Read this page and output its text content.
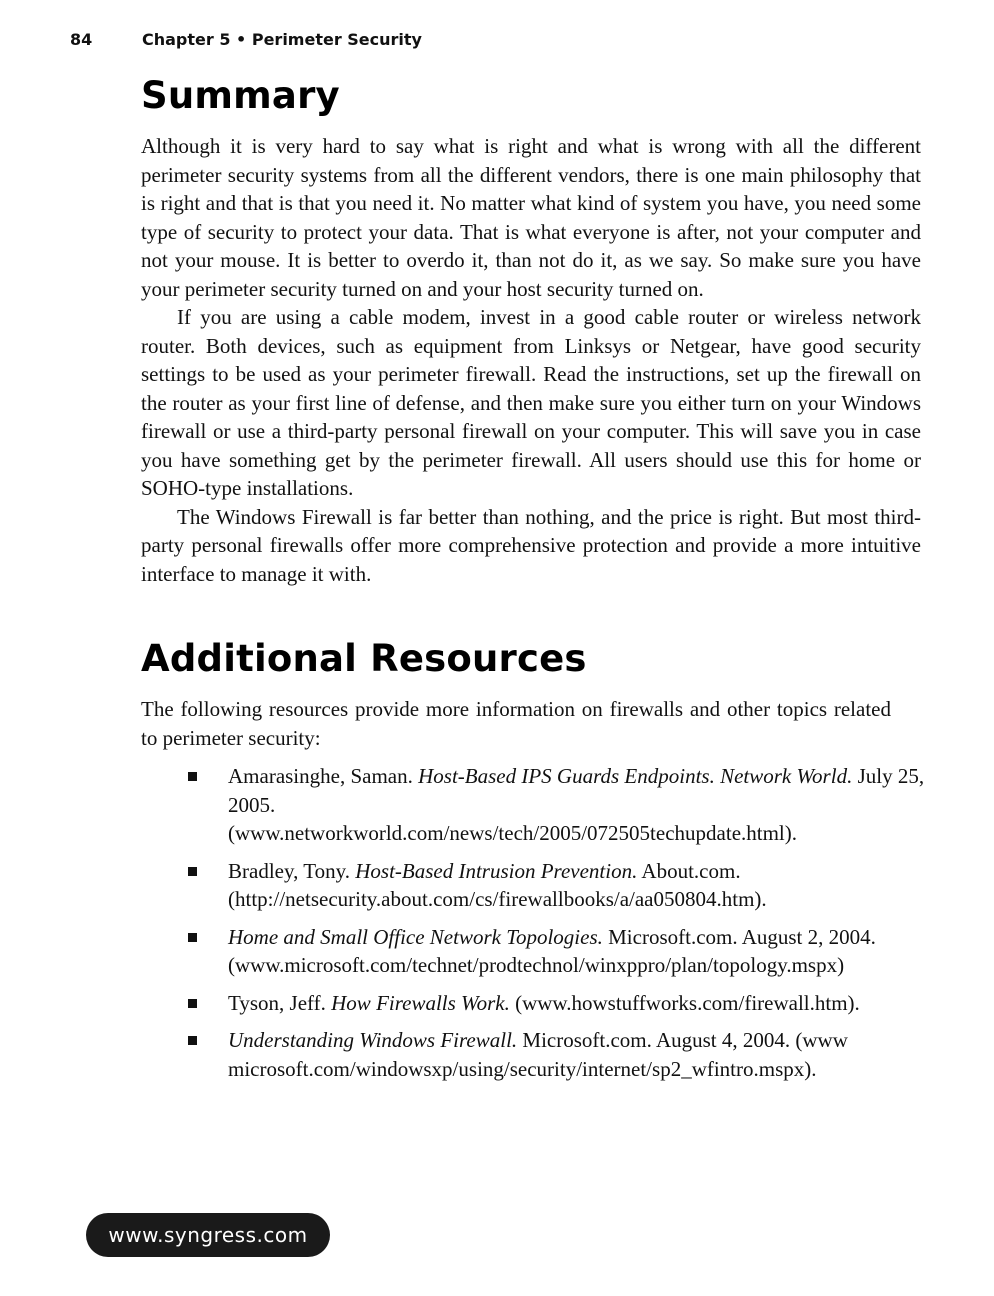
84	Chapter 5 • Perimeter Security
Summary

Although it is very hard to say what is right and what is wrong with all the different perimeter security systems from all the different vendors, there is one main philosophy that is right and that is that you need it. No matter what kind of system you have, you need some type of security to protect your data. That is what everyone is after, not your computer and not your mouse. It is better to overdo it, than not do it, as we say. So make sure you have your perimeter security turned on and your host security turned on.

If you are using a cable modem, invest in a good cable router or wireless network router. Both devices, such as equipment from Linksys or Netgear, have good security settings to be used as your perimeter firewall. Read the instructions, set up the firewall on the router as your first line of defense, and then make sure you either turn on your Windows firewall or use a third-party personal firewall on your computer. This will save you in case you have something get by the perimeter firewall. All users should use this for home or SOHO-type installations.

The Windows Firewall is far better than nothing, and the price is right. But most third-party personal firewalls offer more comprehensive protection and provide a more intuitive interface to manage it with.

Additional Resources

The following resources provide more information on firewalls and other topics related to perimeter security:

Amarasinghe, Saman. Host-Based IPS Guards Endpoints. Network World. July 25, 2005.
(www.networkworld.com/news/tech/2005/072505techupdate.html).
Bradley, Tony. Host-Based Intrusion Prevention. About.com. (http://netsecurity.about.com/cs/firewallbooks/a/aa050804.htm).
Home and Small Office Network Topologies. Microsoft.com. August 2, 2004.
(www.microsoft.com/technet/prodtechnol/winxppro/plan/topology.mspx)
Tyson, Jeff. How Firewalls Work. (www.howstuffworks.com/firewall.htm).
Understanding Windows Firewall. Microsoft.com. August 4, 2004. (www microsoft.com/windowsxp/using/security/internet/sp2_wfintro.mspx).
www.syngress.com
